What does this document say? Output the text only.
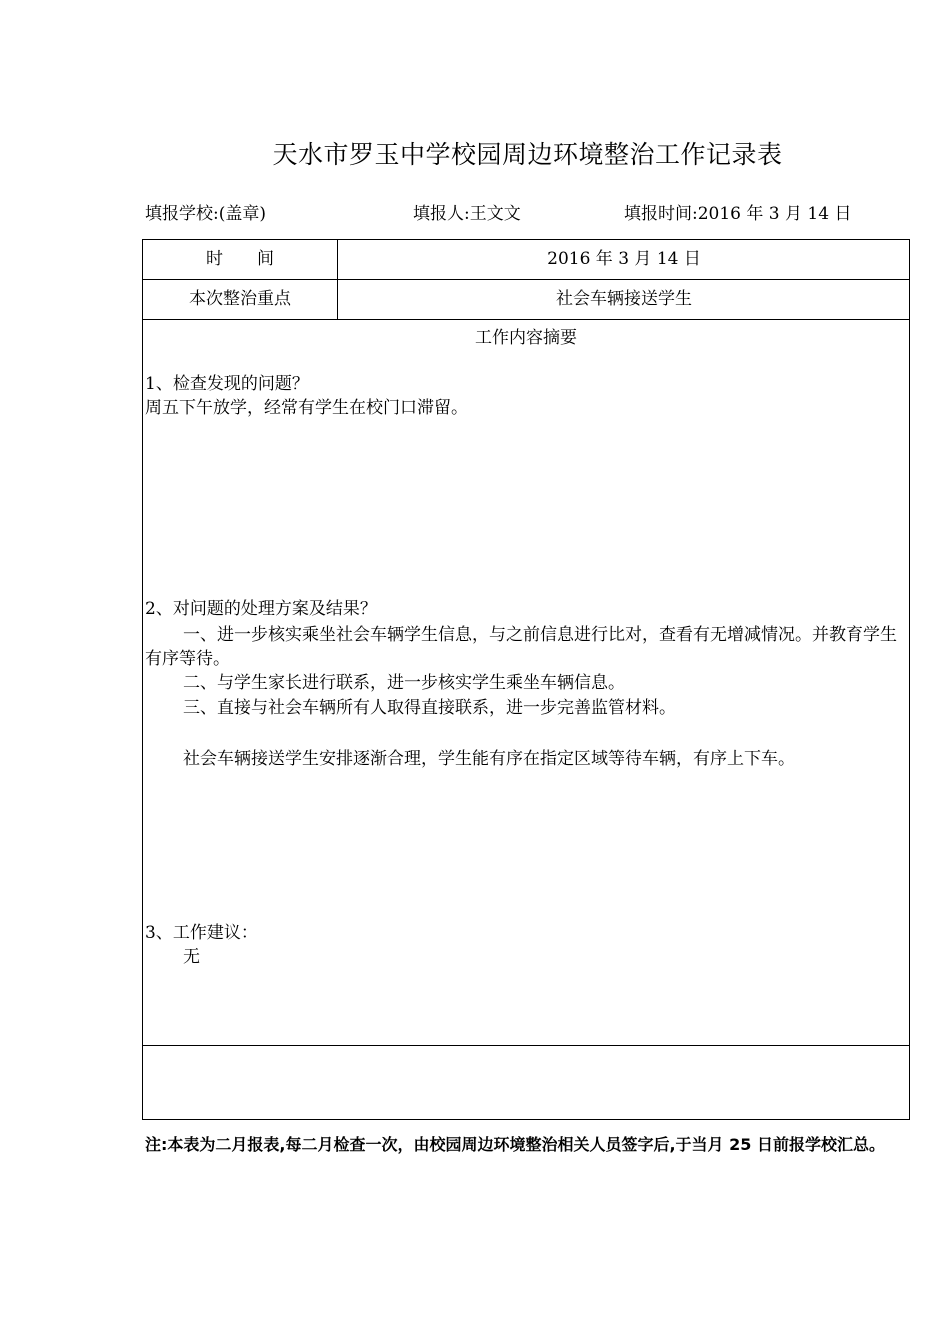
天水市罗玉中学校园周边环境整治工作记录表
填报学校:(盖章)	填报人:王文文	填报时间:2016 年 3 月 14 日
时　　间	2016 年 3 月 14 日
本次整治重点	社会车辆接送学生
工作内容摘要
1、检查发现的问题？
周五下午放学，经常有学生在校门口滞留。
2、对问题的处理方案及结果？
一、进一步核实乘坐社会车辆学生信息，与之前信息进行比对，查看有无增减情况。并教育学生有序等待。
二、与学生家长进行联系，进一步核实学生乘坐车辆信息。
三、直接与社会车辆所有人取得直接联系，进一步完善监管材料。
社会车辆接送学生安排逐渐合理，学生能有序在指定区域等待车辆，有序上下车。
3、工作建议：
无
注:本表为二月报表,每二月检查一次，由校园周边环境整治相关人员签字后,于当月 25 日前报学校汇总。
